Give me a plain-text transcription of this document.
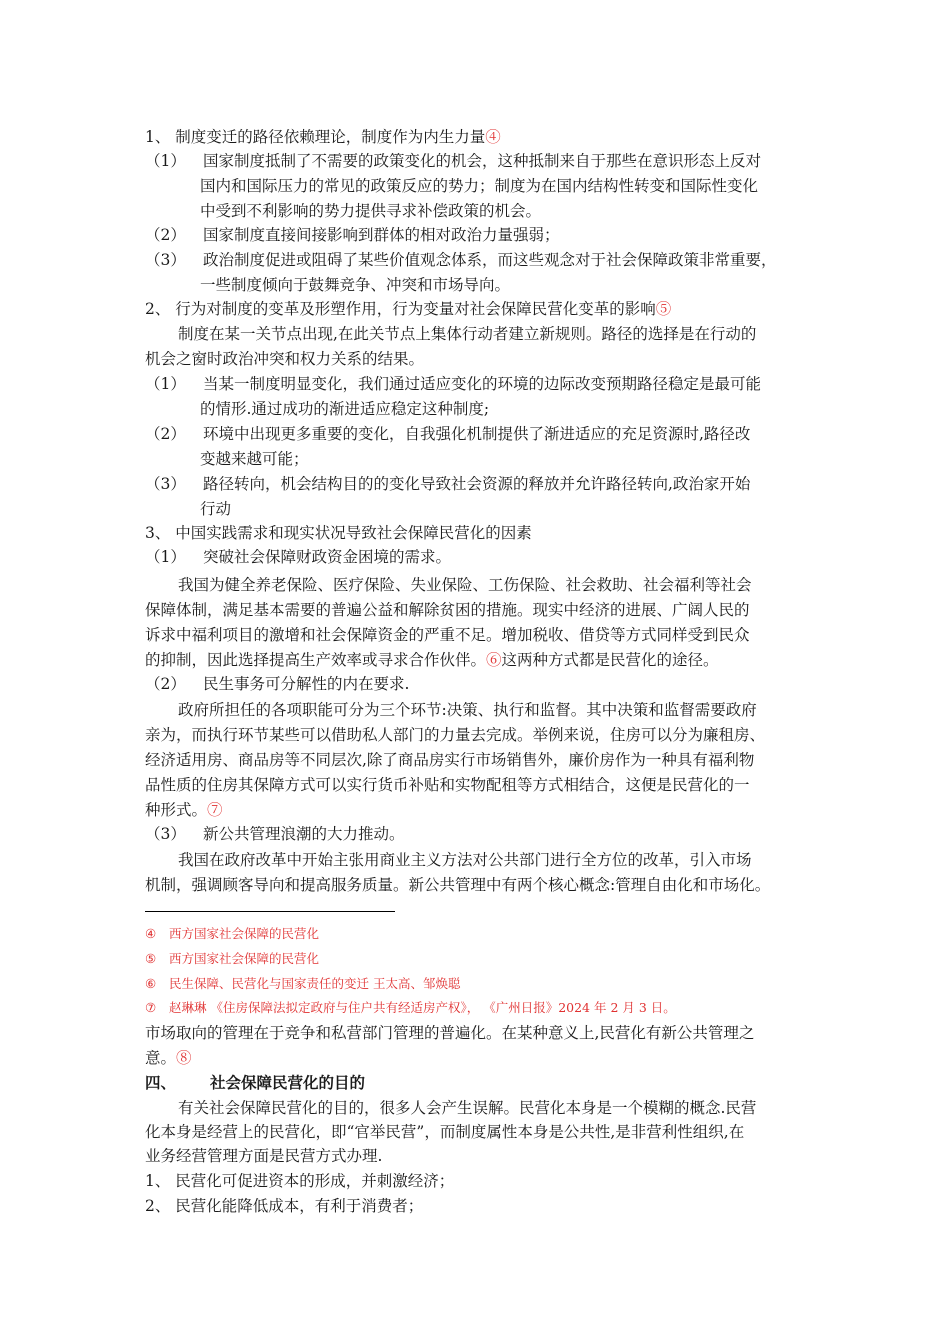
1、 制度变迁的路径依赖理论，制度作为内生力量④
（1） 国家制度抵制了不需要的政策变化的机会，这种抵制来自于那些在意识形态上反对
国内和国际压力的常见的政策反应的势力；制度为在国内结构性转变和国际性变化
中受到不利影响的势力提供寻求补偿政策的机会。
（2） 国家制度直接间接影响到群体的相对政治力量强弱；
（3） 政治制度促进或阻碍了某些价值观念体系，而这些观念对于社会保障政策非常重要，
一些制度倾向于鼓舞竞争、冲突和市场导向。
2、 行为对制度的变革及形塑作用，行为变量对社会保障民营化变革的影响⑤
制度在某一关节点出现,在此关节点上集体行动者建立新规则。路径的选择是在行动的
机会之窗时政治冲突和权力关系的结果。
（1） 当某一制度明显变化，我们通过适应变化的环境的边际改变预期路径稳定是最可能
的情形.通过成功的渐进适应稳定这种制度;
（2） 环境中出现更多重要的变化，自我强化机制提供了渐进适应的充足资源时,路径改
变越来越可能；
（3） 路径转向，机会结构目的的变化导致社会资源的释放并允许路径转向,政治家开始
行动
3、 中国实践需求和现实状况导致社会保障民营化的因素
（1） 突破社会保障财政资金困境的需求。
我国为健全养老保险、医疗保险、失业保险、工伤保险、社会救助、社会福利等社会
保障体制，满足基本需要的普遍公益和解除贫困的措施。现实中经济的进展、广阔人民的
诉求中福利项目的激增和社会保障资金的严重不足。增加税收、借贷等方式同样受到民众
的抑制，因此选择提高生产效率或寻求合作伙伴。⑥这两种方式都是民营化的途径。
（2） 民生事务可分解性的内在要求.
政府所担任的各项职能可分为三个环节:决策、执行和监督。其中决策和监督需要政府
亲为，而执行环节某些可以借助私人部门的力量去完成。举例来说，住房可以分为廉租房、
经济适用房、商品房等不同层次,除了商品房实行市场销售外，廉价房作为一种具有福利物
品性质的住房其保障方式可以实行货币补贴和实物配租等方式相结合，这便是民营化的一
种形式。⑦
（3） 新公共管理浪潮的大力推动。
我国在政府改革中开始主张用商业主义方法对公共部门进行全方位的改革，引入市场
机制，强调顾客导向和提高服务质量。新公共管理中有两个核心概念:管理自由化和市场化。
④ 西方国家社会保障的民营化
⑤ 西方国家社会保障的民营化
⑥ 民生保障、民营化与国家责任的变迁 王太高、邹焕聪
⑦ 赵琳琳 《住房保障法拟定政府与住户共有经适房产权》， 《广州日报》2024 年 2 月 3 日。
市场取向的管理在于竞争和私营部门管理的普遍化。在某种意义上,民营化有新公共管理之
意。⑧
四、 社会保障民营化的目的
有关社会保障民营化的目的，很多人会产生误解。民营化本身是一个模糊的概念.民营
化本身是经营上的民营化，即“官举民营”，而制度属性本身是公共性,是非营利性组织,在
业务经营管理方面是民营方式办理.
1、 民营化可促进资本的形成，并刺激经济；
2、 民营化能降低成本，有利于消费者；
